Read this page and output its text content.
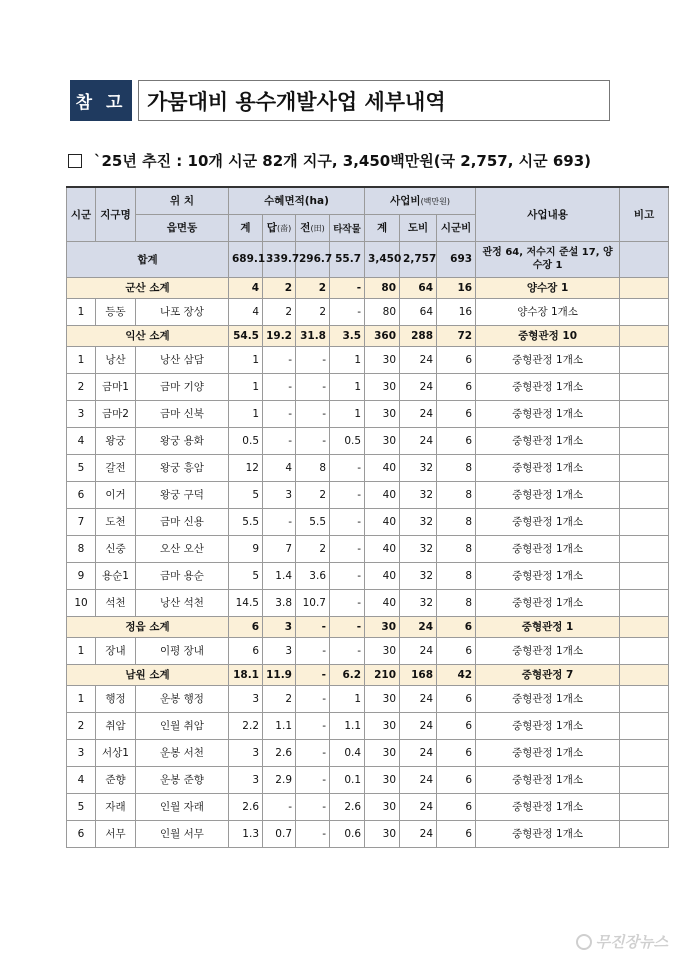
참 고 가뭄대비 용수개발사업 세부내역
`25년 추진 : 10개 시군 82개 지구, 3,450백만원(국 2,757, 시군 693)
시군	지구명	위 치	수혜면적(ha)				사업비(백만원)			사업내용	비고
		읍면동	계	답(畓)	전(田)	타작물	계	도비	시군비		
합계			689.1	339.7	296.7	55.7	3,450	2,757	693	관정 64, 저수지 준설 17, 양수장 1	
군산 소계			4	2	2	-	80	64	16	양수장 1	
1	등동	나포 장상	4	2	2	-	80	64	16	양수장 1개소	
익산 소계			54.5	19.2	31.8	3.5	360	288	72	중형관정 10	
1	낭산	낭산 삼담	1	-	-	1	30	24	6	중형관정 1개소	
2	금마1	금마 기양	1	-	-	1	30	24	6	중형관정 1개소	
3	금마2	금마 신북	1	-	-	1	30	24	6	중형관정 1개소	
4	왕궁	왕궁 용화	0.5	-	-	0.5	30	24	6	중형관정 1개소	
5	갈전	왕궁 흥암	12	4	8	-	40	32	8	중형관정 1개소	
6	이거	왕궁 구덕	5	3	2	-	40	32	8	중형관정 1개소	
7	도천	금마 신용	5.5	-	5.5	-	40	32	8	중형관정 1개소	
8	신중	오산 오산	9	7	2	-	40	32	8	중형관정 1개소	
9	용순1	금마 용순	5	1.4	3.6	-	40	32	8	중형관정 1개소	
10	석천	낭산 석천	14.5	3.8	10.7	-	40	32	8	중형관정 1개소	
정읍 소계			6	3	-	-	30	24	6	중형관정 1	
1	장내	이평 장내	6	3	-	-	30	24	6	중형관정 1개소	
남원 소계			18.1	11.9	-	6.2	210	168	42	중형관정 7	
1	행정	운봉 행정	3	2	-	1	30	24	6	중형관정 1개소	
2	취암	인월 취암	2.2	1.1	-	1.1	30	24	6	중형관정 1개소	
3	서상1	운봉 서천	3	2.6	-	0.4	30	24	6	중형관정 1개소	
4	준향	운봉 준향	3	2.9	-	0.1	30	24	6	중형관정 1개소	
5	자래	인월 자래	2.6	-	-	2.6	30	24	6	중형관정 1개소	
6	서무	인월 서무	1.3	0.7	-	0.6	30	24	6	중형관정 1개소	
무진장뉴스
